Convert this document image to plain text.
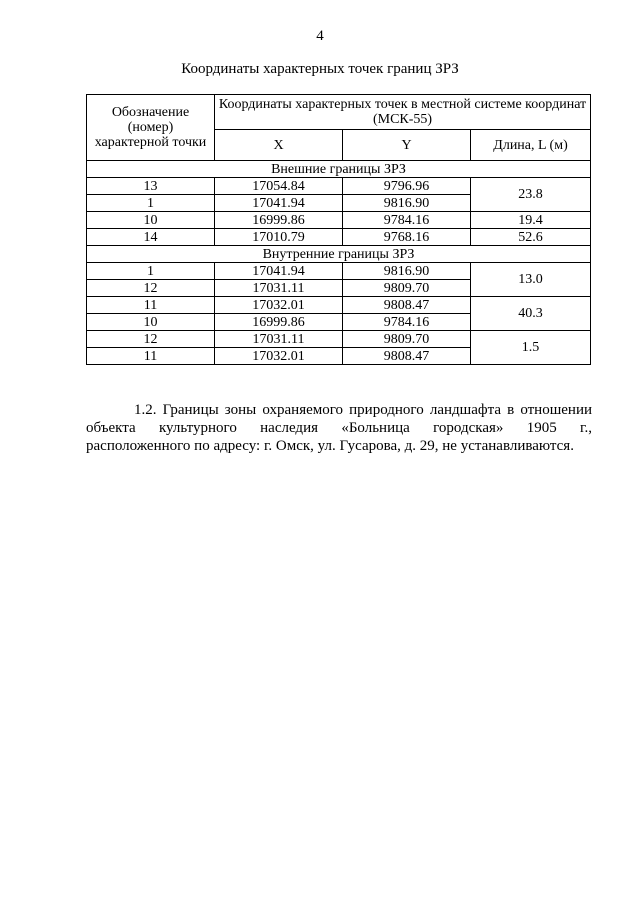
4
Координаты характерных точек границ ЗРЗ
Обозначение (номер) характерной точки	Координаты характерных точек в местной системе координат (МСК-55)		
	X	Y	Длина, L (м)
Внешние границы ЗРЗ			
13	17054.84	9796.96	23.8
1	17041.94	9816.90	
10	16999.86	9784.16	19.4
14	17010.79	9768.16	52.6
Внутренние границы ЗРЗ			
1	17041.94	9816.90	13.0
12	17031.11	9809.70	
11	17032.01	9808.47	40.3
10	16999.86	9784.16	
12	17031.11	9809.70	1.5
11	17032.01	9808.47	
1.2. Границы зоны охраняемого природного ландшафта в отношении
объекта культурного наследия «Больница городская» 1905 г.,
расположенного по адресу: г. Омск, ул. Гусарова, д. 29, не устанавливаются.
